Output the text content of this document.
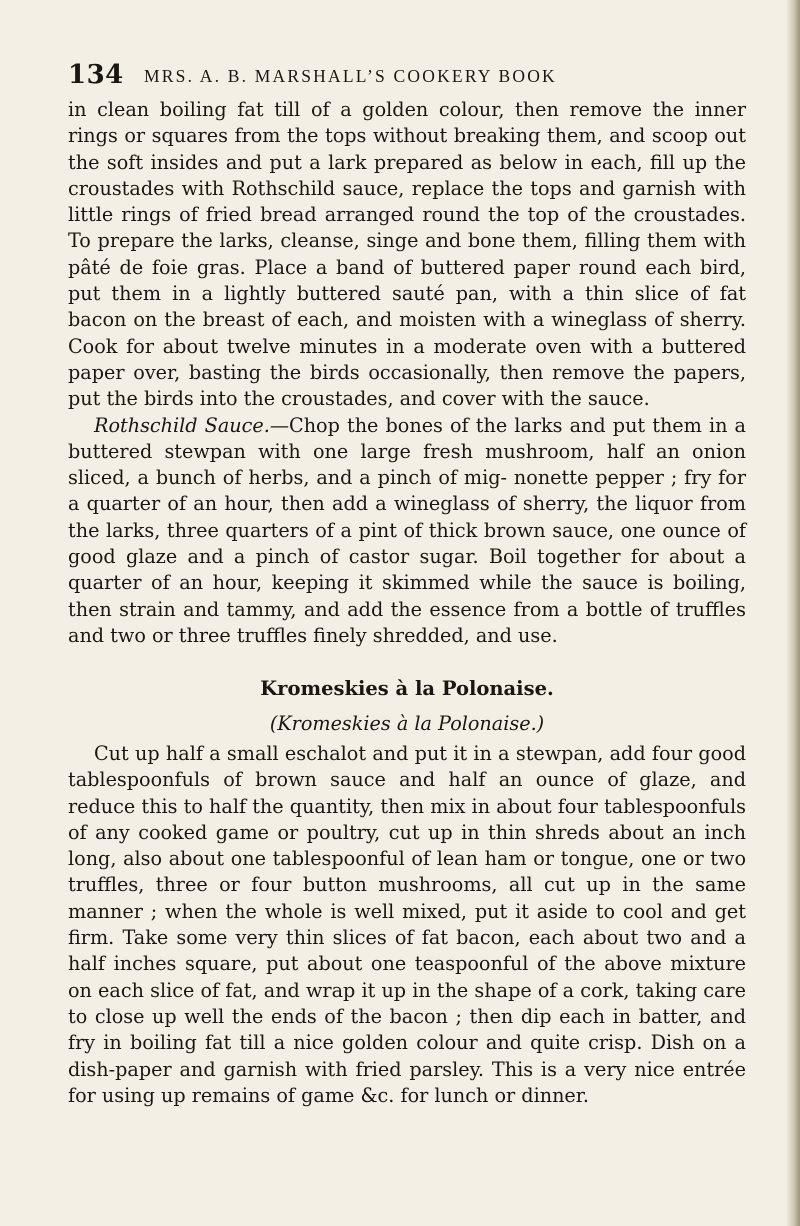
134 MRS. A. B. MARSHALL’S COOKERY BOOK

in clean boiling fat till of a golden colour, then remove the inner rings or squares from the tops without breaking them, and scoop out the soft insides and put a lark prepared as below in each, fill up the croustades with Rothschild sauce, replace the tops and garnish with little rings of fried bread arranged round the top of the croustades. To prepare the larks, cleanse, singe and bone them, filling them with pâté de foie gras. Place a band of buttered paper round each bird, put them in a lightly buttered sauté pan, with a thin slice of fat bacon on the breast of each, and moisten with a wineglass of sherry. Cook for about twelve minutes in a moderate oven with a buttered paper over, basting the birds occasionally, then remove the papers, put the birds into the croustades, and cover with the sauce.

Rothschild Sauce.—Chop the bones of the larks and put them in a buttered stewpan with one large fresh mushroom, half an onion sliced, a bunch of herbs, and a pinch of mig- nonette pepper ; fry for a quarter of an hour, then add a wineglass of sherry, the liquor from the larks, three quarters of a pint of thick brown sauce, one ounce of good glaze and a pinch of castor sugar. Boil together for about a quarter of an hour, keeping it skimmed while the sauce is boiling, then strain and tammy, and add the essence from a bottle of truffles and two or three truffles finely shredded, and use.

Kromeskies à la Polonaise.
(Kromeskies à la Polonaise.)

Cut up half a small eschalot and put it in a stewpan, add four good tablespoonfuls of brown sauce and half an ounce of glaze, and reduce this to half the quantity, then mix in about four tablespoonfuls of any cooked game or poultry, cut up in thin shreds about an inch long, also about one tablespoonful of lean ham or tongue, one or two truffles, three or four button mushrooms, all cut up in the same manner ; when the whole is well mixed, put it aside to cool and get firm. Take some very thin slices of fat bacon, each about two and a half inches square, put about one teaspoonful of the above mixture on each slice of fat, and wrap it up in the shape of a cork, taking care to close up well the ends of the bacon ; then dip each in batter, and fry in boiling fat till a nice golden colour and quite crisp. Dish on a dish-paper and garnish with fried parsley. This is a very nice entrée for using up remains of game &c. for lunch or dinner.
